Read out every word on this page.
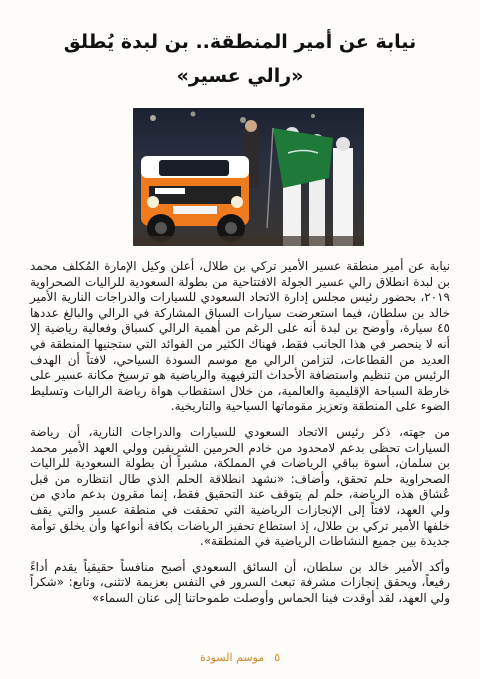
نيابة عن أمير المنطقة.. بن لبدة يُطلق
«رالي عسير»

نيابة عن أمير منطقة عسير الأمير تركي بن طلال، أعلن وكيل الإمارة المُكلف محمد بن لبدة انطلاق رالي عسير الجولة الافتتاحية من بطولة السعودية للراليات الصحراوية ٢٠١٩، بحضور رئيس مجلس إدارة الاتحاد السعودي للسيارات والدراجات النارية الأمير خالد بن سلطان، فيما استعرضت سيارات السباق المشاركة في الرالي والبالغ عددها ٤٥ سيارة، وأوضح بن لبدة أنه على الرغم من أهمية الرالي كسباق وفعالية رياضية إلا أنه لا ينحصر في هذا الجانب فقط، فهناك الكثير من الفوائد التي ستجنيها المنطقة في العديد من القطاعات، لتزامن الرالي مع موسم السودة السياحي، لافتاً أن الهدف الرئيس من تنظيم واستضافة الأحداث الترفيهية والرياضية هو ترسيخ مكانة عسير على خارطة السياحة الإقليمية والعالمية، من خلال استقطاب هواة رياضة الراليات وتسليط الضوء على المنطقة وتعزيز مقوماتها السياحية والتاريخية.

من جهته، ذكر رئيس الاتحاد السعودي للسيارات والدراجات النارية، أن رياضة السيارات تحظى بدعم لامحدود من خادم الحرمين الشريفين وولي العهد الأمير محمد بن سلمان، أسوة بباقي الرياضات في المملكة، مشيراً أن بطولة السعودية للراليات الصحراوية حلم تحقق، وأضاف: «نشهد انطلاقة الحلم الذي طال انتظاره من قبل عُشاق هذه الرياضة، حلم لم يتوقف عند التحقيق فقط، إنما مقرون بدعم مادي من ولي العهد، لافتاً إلى الإنجازات الرياضية التي تحققت في منطقة عسير والتي يقف خلفها الأمير تركي بن طلال، إذ استطاع تحفيز الرياضات بكافة أنواعها وأن يخلق توأمة جديدة بين جميع النشاطات الرياضية في المنطقة».

وأكد الأمير خالد بن سلطان، أن السائق السعودي أصبح منافساً حقيقياً يقدم أداءً رفيعاً، ويحقق إنجازات مشرفة تبعث السرور في النفس بعزيمة لاتثنى، وتابع: «شكراً ولي العهد، لقد أوقدت فينا الحماس وأوصلت طموحاتنا إلى عنان السماء»

٥
موسم السودة
